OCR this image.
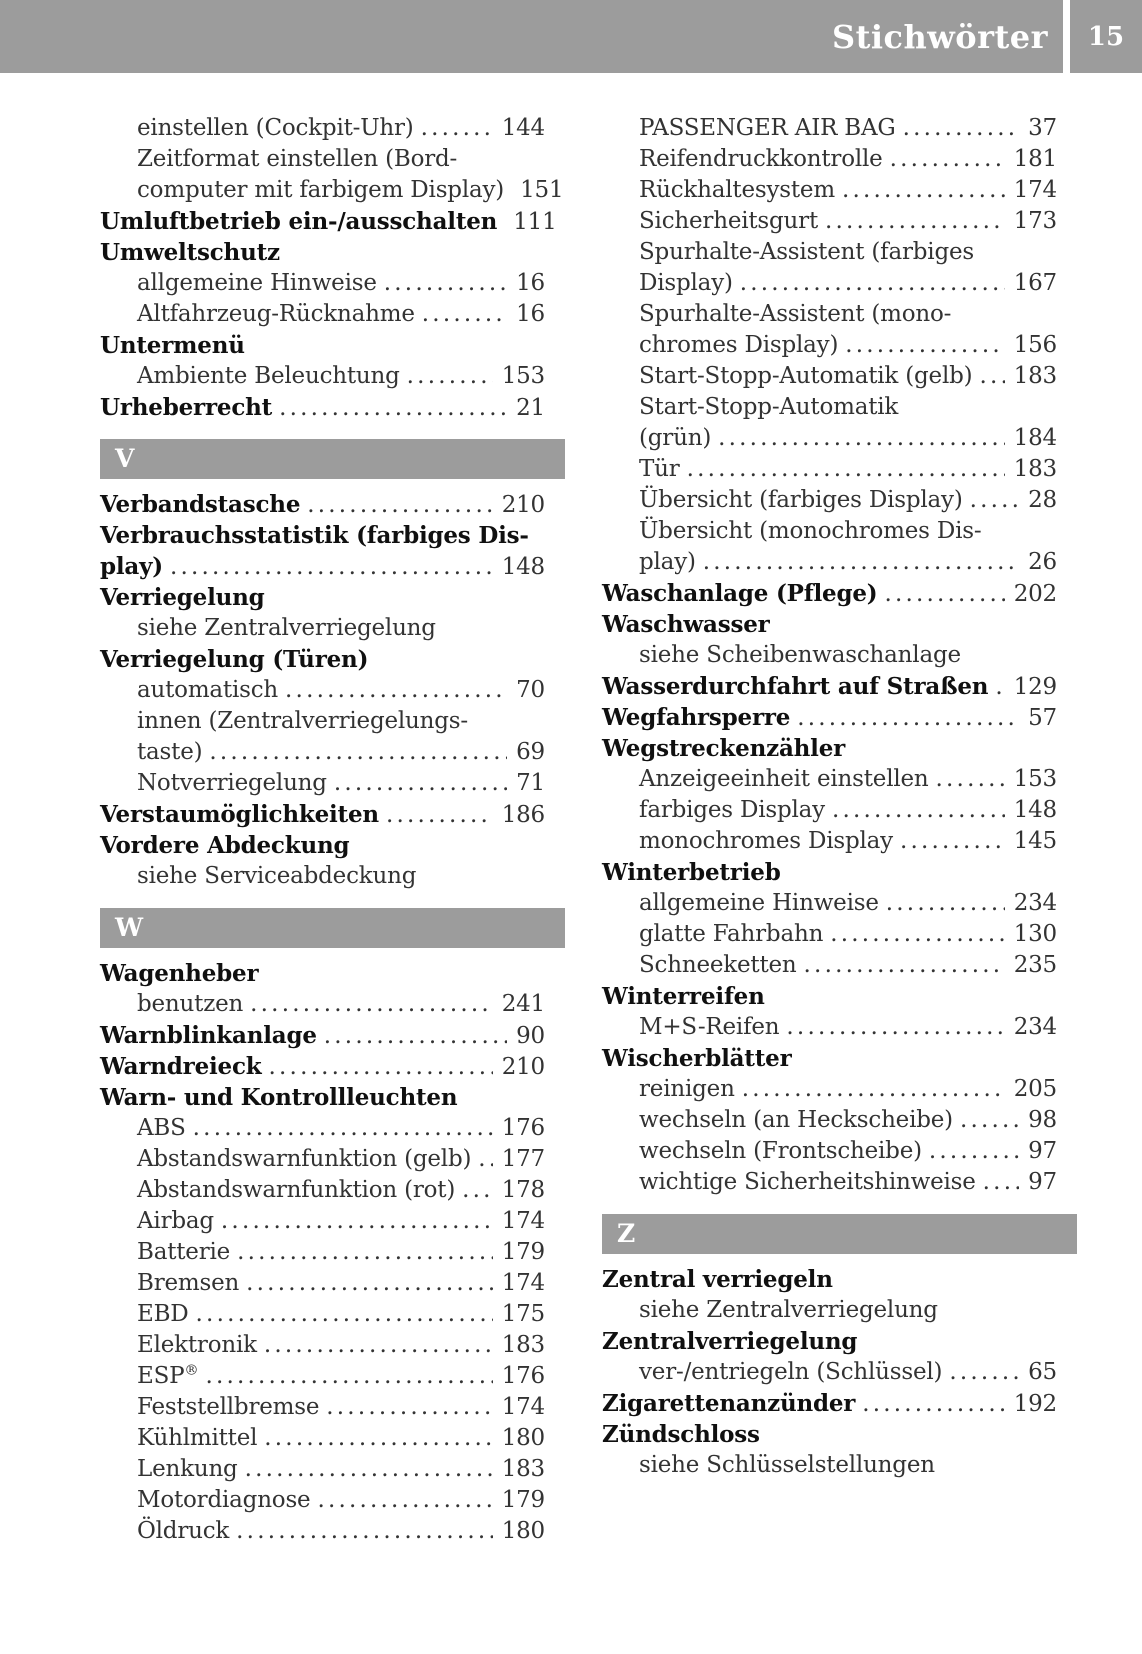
Stichwörter 15
einstellen (Cockpit-Uhr) .....	144
Zeitformat einstellen (Bord-
computer mit farbigem Display) 151
Umluftbetrieb ein-/ausschalten 111
Umweltschutz
allgemeine Hinweise .....	16
Altfahrzeug-Rücknahme .....	16
Untermenü
Ambiente Beleuchtung .....	153
Urheberrecht .....	21
V
Verbandstasche .....	210
Verbrauchsstatistik (farbiges Dis-
play) .....	148
Verriegelung
siehe Zentralverriegelung
Verriegelung (Türen)
automatisch .....	70
innen (Zentralverriegelungs-
taste) .....	69
Notverriegelung .....	71
Verstaumöglichkeiten .....	186
Vordere Abdeckung
siehe Serviceabdeckung
W
Wagenheber
benutzen .....	241
Warnblinkanlage .....	90
Warndreieck .....	210
Warn- und Kontrollleuchten
ABS .....	176
Abstandswarnfunktion (gelb) ..... 177
Abstandswarnfunktion (rot) ..... 178
Airbag .....	174
Batterie .....	179
Bremsen .....	174
EBD .....	175
Elektronik .....	183
ESP® .....	176
Feststellbremse .....	174
Kühlmittel .....	180
Lenkung .....	183
Motordiagnose .....	179
Öldruck .....	180
PASSENGER AIR BAG .....	37
Reifendruckkontrolle .....	181
Rückhaltesystem .....	174
Sicherheitsgurt .....	173
Spurhalte-Assistent (farbiges
Display) .....	167
Spurhalte-Assistent (mono-
chromes Display) .....	156
Start-Stopp-Automatik (gelb) ..... 183
Start-Stopp-Automatik
(grün) .....	184
Tür .....	183
Übersicht (farbiges Display) .....	28
Übersicht (monochromes Dis-
play) .....	26
Waschanlage (Pflege) .....	202
Waschwasser
siehe Scheibenwaschanlage
Wasserdurchfahrt auf Straßen ..... 129
Wegfahrsperre .....	57
Wegstreckenzähler
Anzeigeeinheit einstellen .....	153
farbiges Display .....	148
monochromes Display .....	145
Winterbetrieb
allgemeine Hinweise .....	234
glatte Fahrbahn .....	130
Schneeketten .....	235
Winterreifen
M+S-Reifen .....	234
Wischerblätter
reinigen .....	205
wechseln (an Heckscheibe) .....	98
wechseln (Frontscheibe) .....	97
wichtige Sicherheitshinweise ..... 97
Z
Zentral verriegeln
siehe Zentralverriegelung
Zentralverriegelung
ver-/entriegeln (Schlüssel) .....	65
Zigarettenanzünder .....	192
Zündschloss
siehe Schlüsselstellungen
